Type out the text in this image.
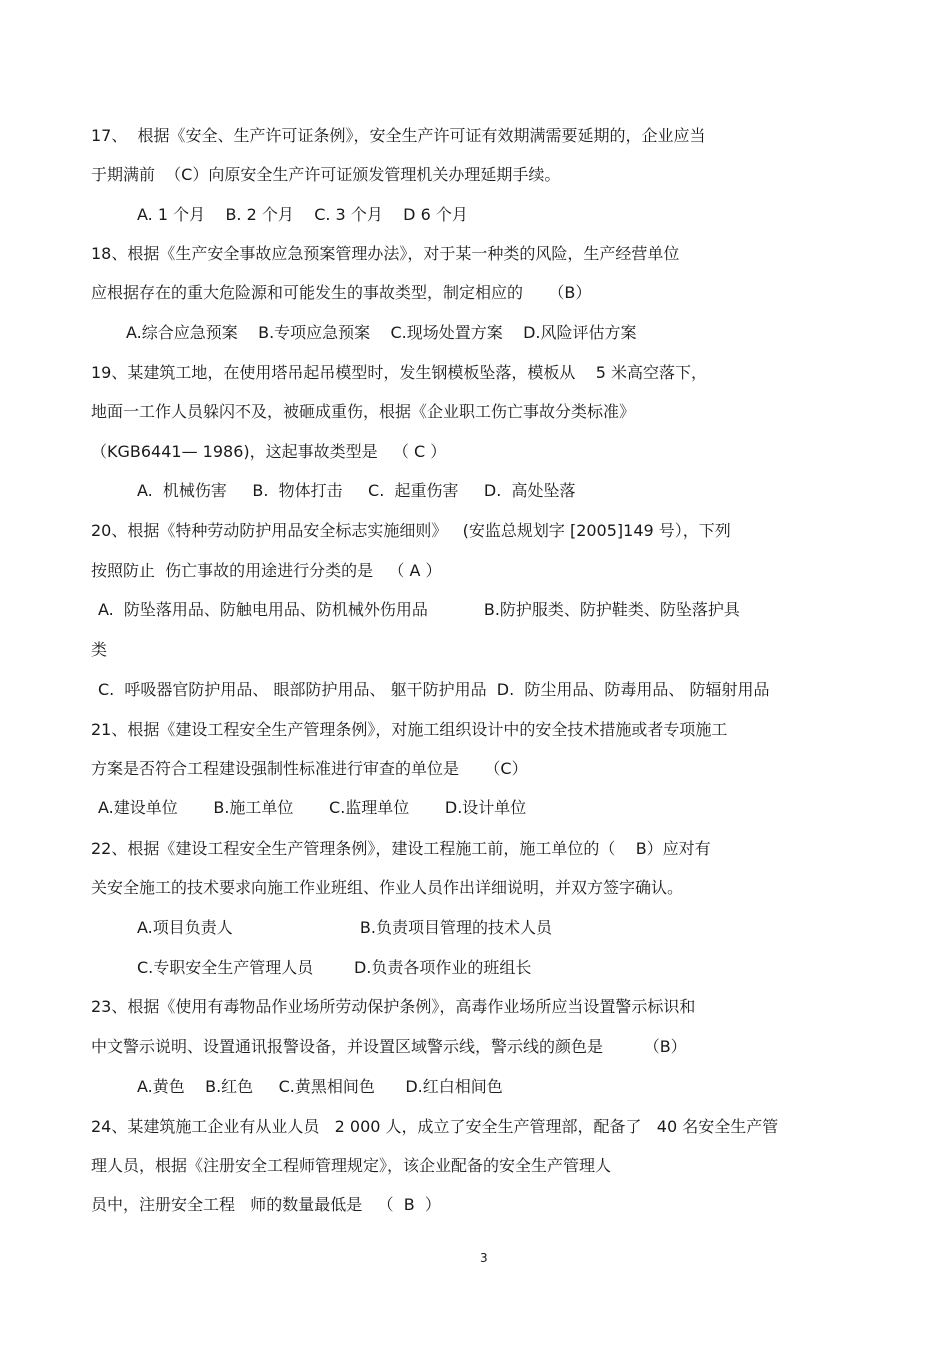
17、  根据《安全、生产许可证条例》，安全生产许可证有效期满需要延期的，企业应当
于期满前  （C）向原安全生产许可证颁发管理机关办理延期手续。
A. 1 个月    B. 2 个月    C. 3 个月    D 6 个月
18、根据《生产安全事故应急预案管理办法》，对于某一种类的风险，生产经营单位
应根据存在的重大危险源和可能发生的事故类型，制定相应的     （B）
A.综合应急预案    B.专项应急预案    C.现场处置方案    D.风险评估方案
19、某建筑工地，在使用塔吊起吊模型时，发生钢模板坠落，模板从    5 米高空落下，
地面一工作人员躲闪不及，被砸成重伤，根据《企业职工伤亡事故分类标准》
（KGB6441— 1986)，这起事故类型是   （ C ）
A.  机械伤害     B.  物体打击     C.  起重伤害     D.  高处坠落
20、根据《特种劳动防护用品安全标志实施细则》   (安监总规划字 [2005]149 号），下列
按照防止  伤亡事故的用途进行分类的是   （ A ）
A.  防坠落用品、防触电用品、防机械外伤用品           B.防护服类、防护鞋类、防坠落护具
类
C.  呼吸器官防护用品、 眼部防护用品、 躯干防护用品  D.  防尘用品、防毒用品、 防辐射用品
21、根据《建设工程安全生产管理条例》，对施工组织设计中的安全技术措施或者专项施工
方案是否符合工程建设强制性标准进行审查的单位是     （C）
A.建设单位       B.施工单位       C.监理单位       D.设计单位
22、根据《建设工程安全生产管理条例》，建设工程施工前，施工单位的（    B）应对有
关安全施工的技术要求向施工作业班组、作业人员作出详细说明，并双方签字确认。
A.项目负责人                         B.负责项目管理的技术人员
C.专职安全生产管理人员        D.负责各项作业的班组长
23、根据《使用有毒物品作业场所劳动保护条例》，高毒作业场所应当设置警示标识和
中文警示说明、设置通讯报警设备，并设置区域警示线，警示线的颜色是        （B）
A.黄色    B.红色     C.黄黑相间色      D.红白相间色
24、某建筑施工企业有从业人员   2 000 人，成立了安全生产管理部，配备了   40 名安全生产管
理人员，根据《注册安全工程师管理规定》，该企业配备的安全生产管理人
员中，注册安全工程   师的数量最低是   （  B  ）
3
